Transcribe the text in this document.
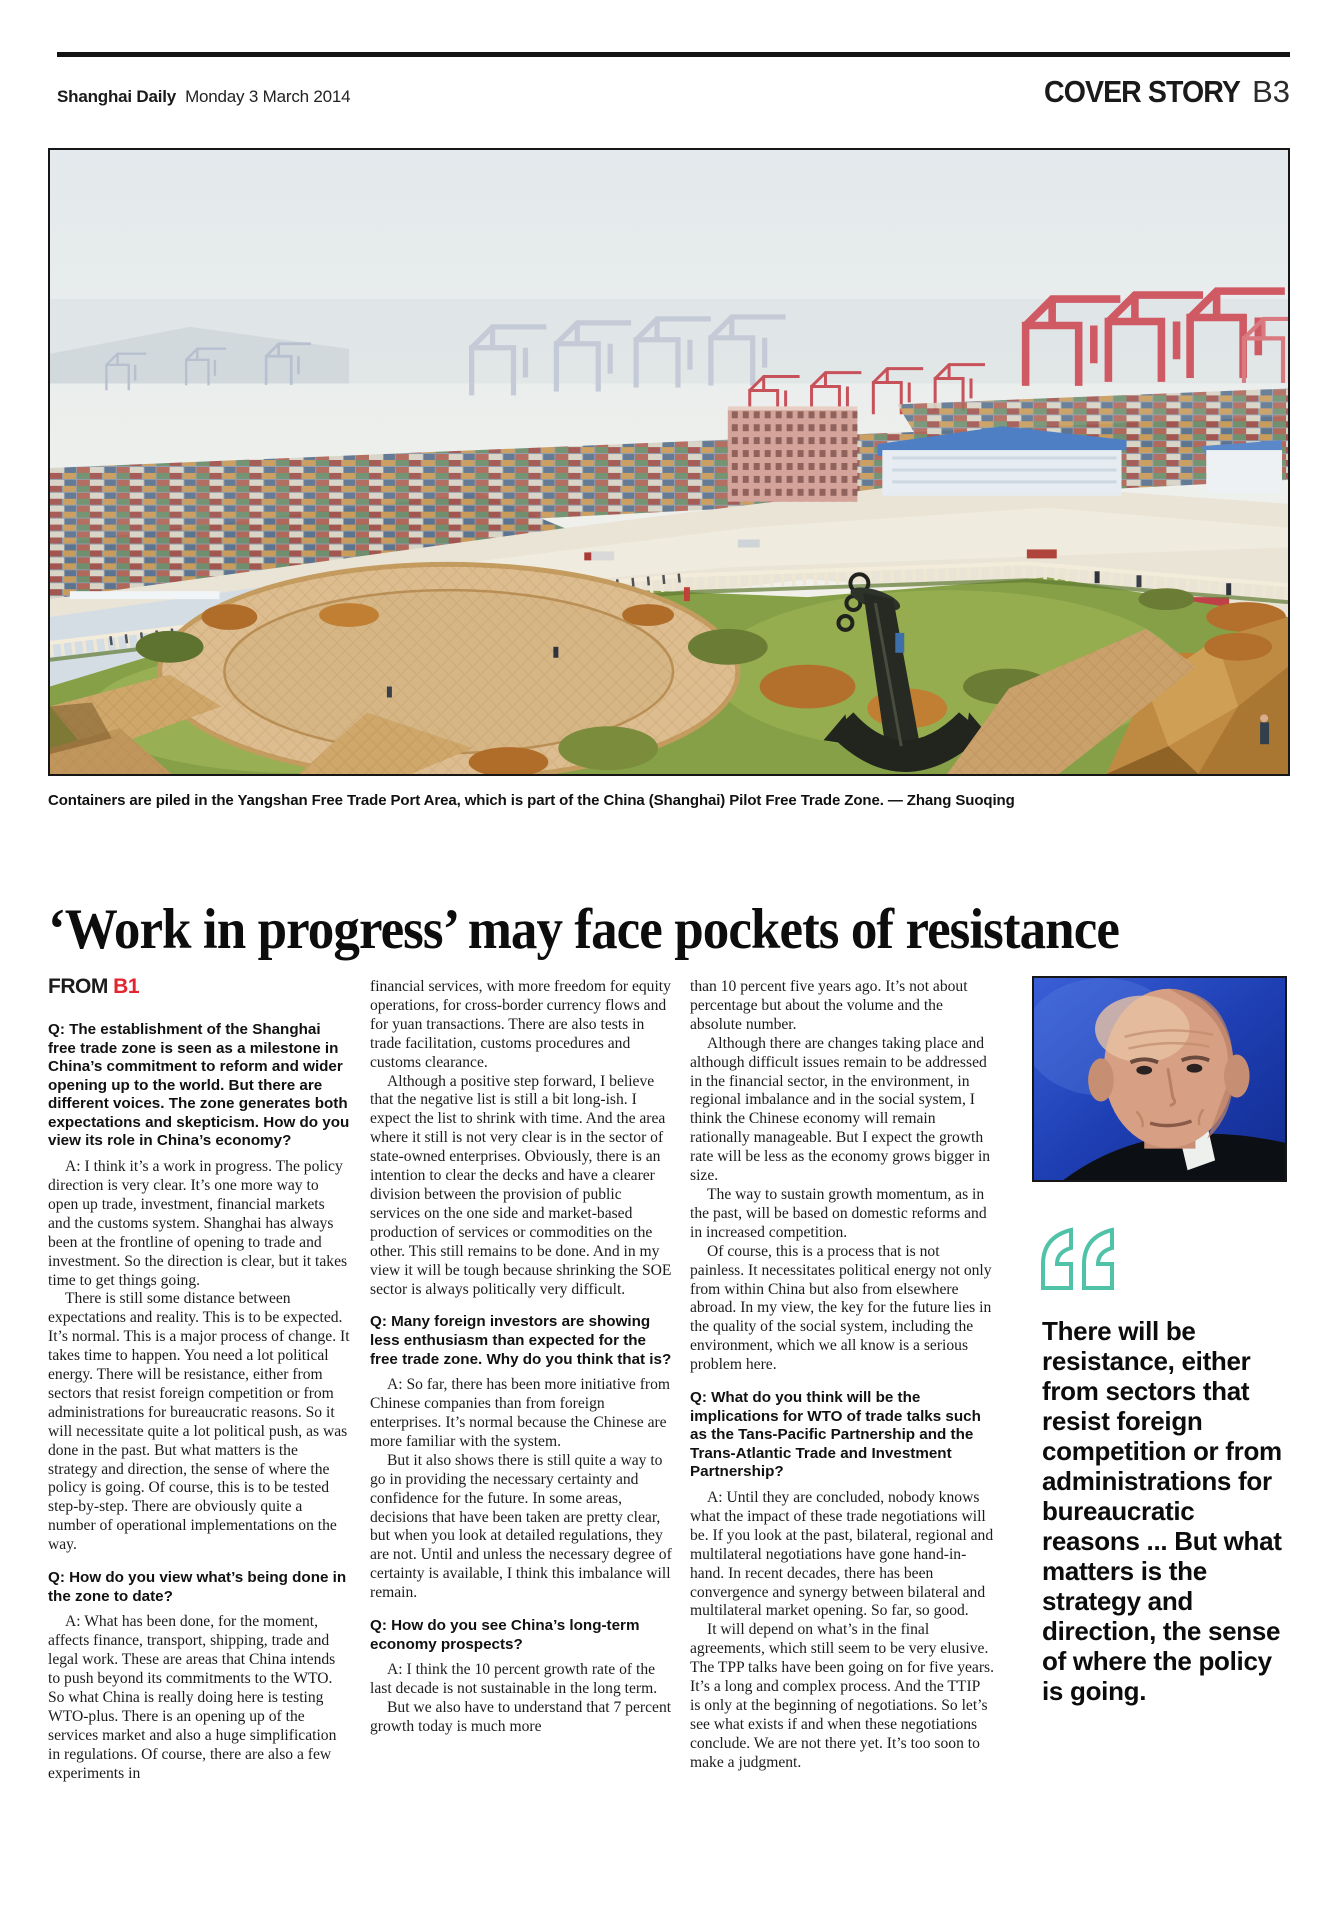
Shanghai Daily Monday 3 March 2014	COVER STORY B3
Containers are piled in the Yangshan Free Trade Port Area, which is part of the China (Shanghai) Pilot Free Trade Zone. — Zhang Suoqing
‘Work in progress’ may face pockets of resistance

FROM B1

Q: The establishment of the Shanghai free trade zone is seen as a milestone in China’s commitment to reform and wider opening up to the world. But there are different voices. The zone generates both expectations and skepticism. How do you view its role in China’s economy?

A: I think it’s a work in progress. The policy direction is very clear. It’s one more way to open up trade, investment, financial markets and the customs system. Shanghai has always been at the frontline of opening to trade and investment. So the direction is clear, but it takes time to get things going.

There is still some distance between expectations and reality. This is to be expected. It’s normal. This is a major process of change. It takes time to happen. You need a lot political energy. There will be resistance, either from sectors that resist foreign competition or from administrations for bureaucratic reasons. So it will necessitate quite a lot political push, as was done in the past. But what matters is the strategy and direction, the sense of where the policy is going. Of course, this is to be tested step-by-step. There are obviously quite a number of operational implementations on the way.

Q: How do you view what’s being done in the zone to date?

A: What has been done, for the moment, affects finance, transport, shipping, trade and legal work. These are areas that China intends to push beyond its commitments to the WTO. So what China is really doing here is testing WTO-plus. There is an opening up of the services market and also a huge simplification in regulations. Of course, there are also a few experiments in

financial services, with more freedom for equity operations, for cross-border currency flows and for yuan transactions. There are also tests in trade facilitation, customs procedures and customs clearance.

Although a positive step forward, I believe that the negative list is still a bit long-ish. I expect the list to shrink with time. And the area where it still is not very clear is in the sector of state-owned enterprises. Obviously, there is an intention to clear the decks and have a clearer division between the provision of public services on the one side and market-based production of services or commodities on the other. This still remains to be done. And in my view it will be tough because shrinking the SOE sector is always politically very difficult.

Q: Many foreign investors are showing less enthusiasm than expected for the free trade zone. Why do you think that is?

A: So far, there has been more initiative from Chinese companies than from foreign enterprises. It’s normal because the Chinese are more familiar with the system.

But it also shows there is still quite a way to go in providing the necessary certainty and confidence for the future. In some areas, decisions that have been taken are pretty clear, but when you look at detailed regulations, they are not. Until and unless the necessary degree of certainty is available, I think this imbalance will remain.

Q: How do you see China’s long-term economy prospects?

A: I think the 10 percent growth rate of the last decade is not sustainable in the long term.

But we also have to understand that 7 percent growth today is much more

than 10 percent five years ago. It’s not about percentage but about the volume and the absolute number.

Although there are changes taking place and although difficult issues remain to be addressed in the financial sector, in the environment, in regional imbalance and in the social system, I think the Chinese economy will remain rationally manageable. But I expect the growth rate will be less as the economy grows bigger in size.

The way to sustain growth momentum, as in the past, will be based on domestic reforms and in increased competition.

Of course, this is a process that is not painless. It necessitates political energy not only from within China but also from elsewhere abroad. In my view, the key for the future lies in the quality of the social system, including the environment, which we all know is a serious problem here.

Q: What do you think will be the implications for WTO of trade talks such as the Tans-Pacific Partnership and the Trans-Atlantic Trade and Investment Partnership?

A: Until they are concluded, nobody knows what the impact of these trade negotiations will be. If you look at the past, bilateral, regional and multilateral negotiations have gone hand-in-hand. In recent decades, there has been convergence and synergy between bilateral and multilateral market opening. So far, so good.

It will depend on what’s in the final agreements, which still seem to be very elusive. The TPP talks have been going on for five years. It’s a long and complex process. And the TTIP is only at the beginning of negotiations. So let’s see what exists if and when these negotiations conclude. We are not there yet. It’s too soon to make a judgment.

There will be resistance, either from sectors that resist foreign competition or from administrations for bureaucratic reasons ... But what matters is the strategy and direction, the sense of where the policy is going.
